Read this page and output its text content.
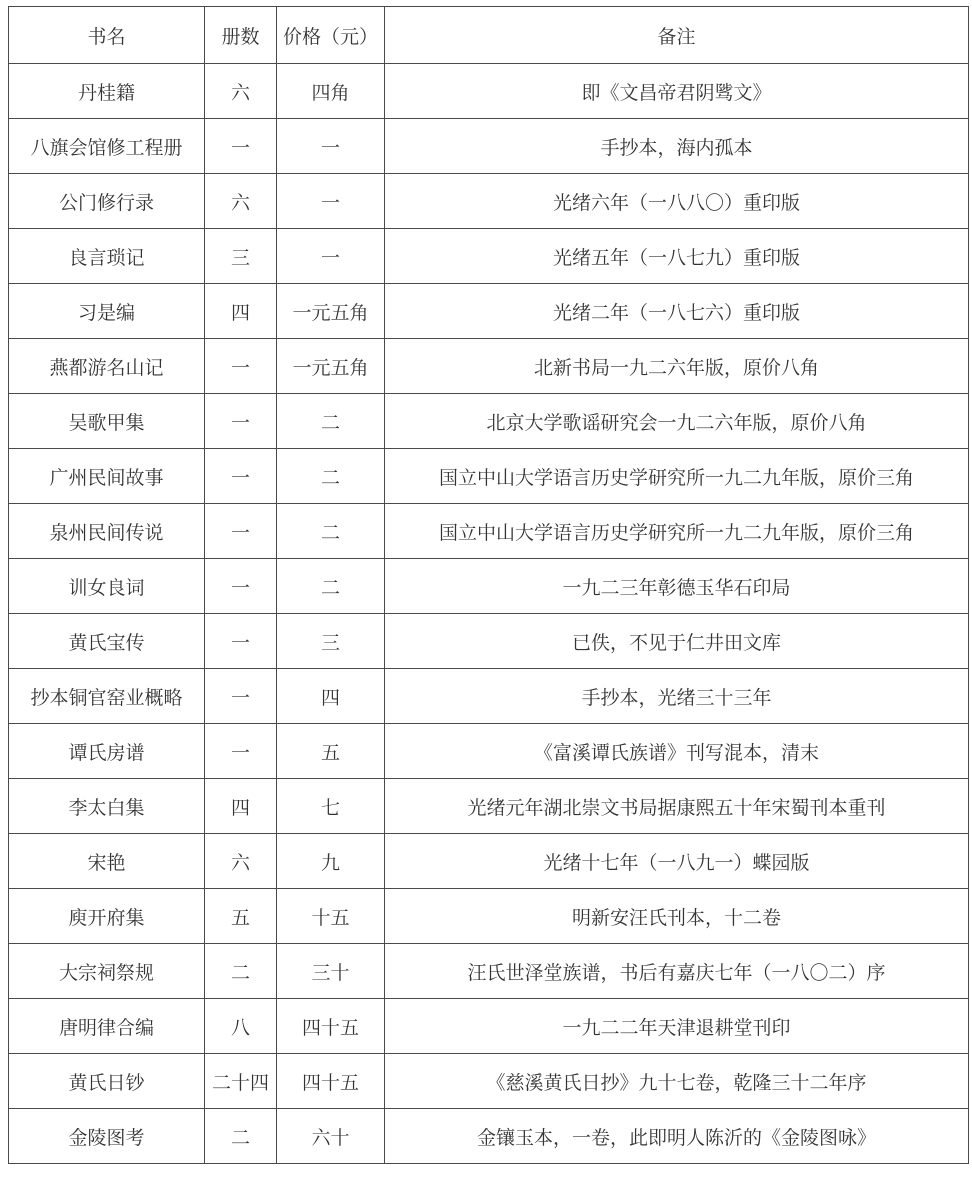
书名	册数	价格（元）	备注
丹桂籍	六	四角	即《文昌帝君阴骘文》
八旗会馆修工程册	一	一	手抄本，海内孤本
公门修行录	六	一	光绪六年（一八八〇）重印版
良言琐记	三	一	光绪五年（一八七九）重印版
习是编	四	一元五角	光绪二年（一八七六）重印版
燕都游名山记	一	一元五角	北新书局一九二六年版，原价八角
吴歌甲集	一	二	北京大学歌谣研究会一九二六年版，原价八角
广州民间故事	一	二	国立中山大学语言历史学研究所一九二九年版，原价三角
泉州民间传说	一	二	国立中山大学语言历史学研究所一九二九年版，原价三角
训女良词	一	二	一九二三年彰德玉华石印局
黄氏宝传	一	三	已佚，不见于仁井田文库
抄本铜官窑业概略	一	四	手抄本，光绪三十三年
谭氏房谱	一	五	《富溪谭氏族谱》刊写混本，清末
李太白集	四	七	光绪元年湖北崇文书局据康熙五十年宋蜀刊本重刊
宋艳	六	九	光绪十七年（一八九一）蝶园版
庾开府集	五	十五	明新安汪氏刊本，十二卷
大宗祠祭规	二	三十	汪氏世泽堂族谱，书后有嘉庆七年（一八〇二）序
唐明律合编	八	四十五	一九二二年天津退耕堂刊印
黄氏日钞	二十四	四十五	《慈溪黄氏日抄》九十七卷，乾隆三十二年序
金陵图考	二	六十	金镶玉本，一卷，此即明人陈沂的《金陵图咏》
